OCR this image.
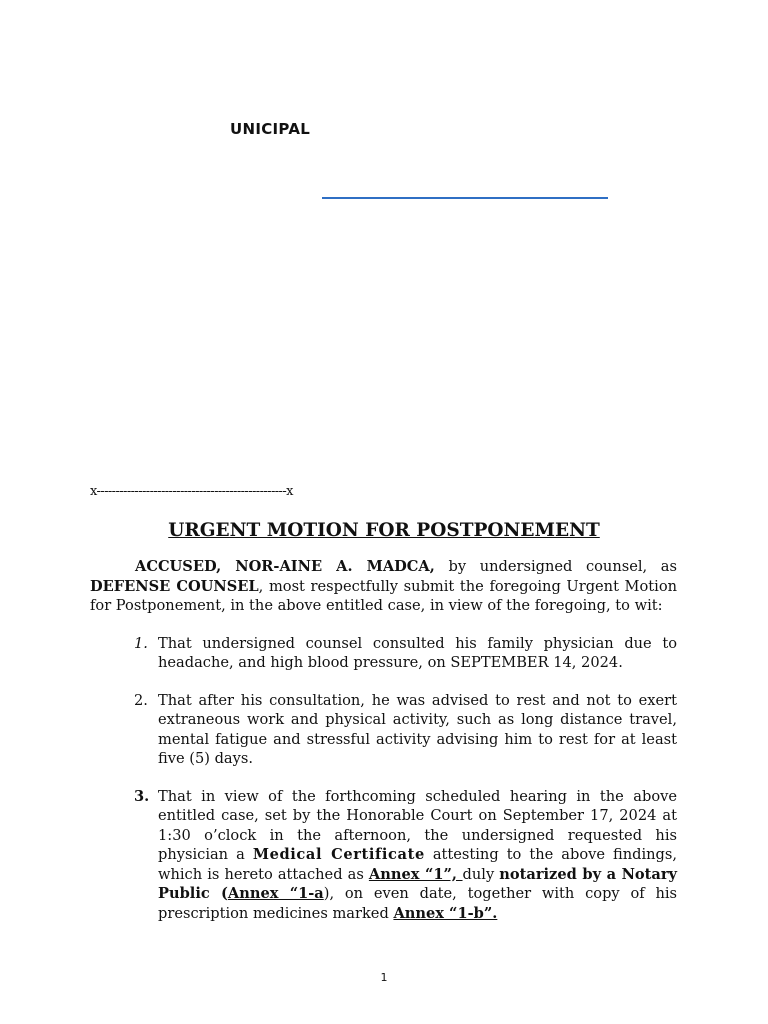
UNICIPAL
x--------------------------------------------------x
URGENT MOTION FOR POSTPONEMENT

ACCUSED, NOR-AINE A. MADCA, by undersigned counsel, as DEFENSE COUNSEL, most respectfully submit the foregoing Urgent Motion for Postponement, in the above entitled case, in view of the foregoing, to wit:

1. That undersigned counsel consulted his family physician due to headache, and high blood pressure, on SEPTEMBER 14, 2024.
2. That after his consultation, he was advised to rest and not to exert extraneous work and physical activity, such as long distance travel, mental fatigue and stressful activity advising him to rest for at least five (5) days.
3. That in view of the forthcoming scheduled hearing in the above entitled case, set by the Honorable Court on September 17, 2024 at 1:30 o’clock in the afternoon, the undersigned requested his physician a Medical Certificate attesting to the above findings, which is hereto attached as Annex “1”, duly notarized by a Notary Public (Annex “1-a), on even date, together with copy of his prescription medicines marked Annex “1-b”.
1
